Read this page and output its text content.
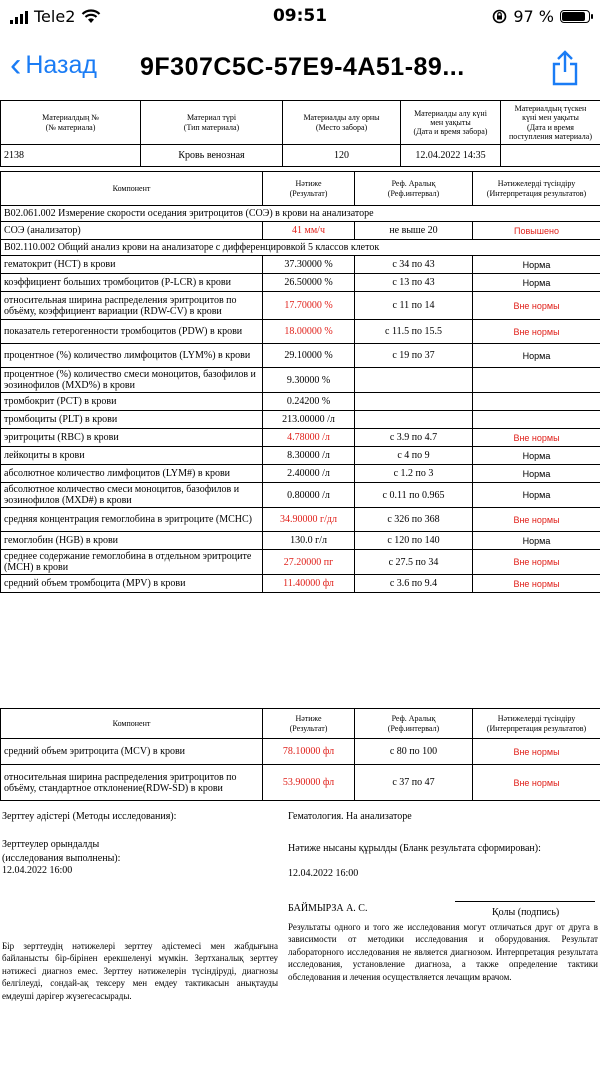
Tele2	09:51	97 %
‹ Назад 9F307C5C-57E9-4A51-89...
Материалдың №
(№ материала)	Материал түрі
(Тип материала)	Материалды алу орны
(Место забора)	Материалды алу күні
мен уақыты
(Дата и время забора)	Материалдың түскен
күні мен уақыты
(Дата и время
поступления материала)
2138	Кровь венозная	120	12.04.2022 14:35	
Компонент	Нәтиже
(Результат)	Реф. Аралық
(Реф.интервал)	Нәтижелерді түсіндіру
(Интерпретация результатов)
B02.061.002 Измерение скорости оседания эритроцитов (СОЭ) в крови на анализаторе			
СОЭ (анализатор)	41 мм/ч	не выше 20	Повышено
B02.110.002 Общий анализ крови на анализаторе с дифференцировкой 5 классов клеток			
гематокрит (HCT) в крови	37.30000 %	с 34 по 43	Норма
коэффициент больших тромбоцитов (P-LCR) в крови	26.50000 %	с 13 по 43	Норма
относительная ширина распределения эритроцитов по объёму, коэффициент вариации (RDW-CV) в крови	17.70000 %	с 11 по 14	Вне нормы
показатель гетерогенности тромбоцитов (PDW) в крови	18.00000 %	с 11.5 по 15.5	Вне нормы
процентное (%) количество лимфоцитов (LYM%) в крови	29.10000 %	с 19 по 37	Норма
процентное (%) количество смеси моноцитов, базофилов и эозинофилов (MXD%) в крови	9.30000 %		
тромбокрит (PCT) в крови	0.24200 %		
тромбоциты (PLT) в крови	213.00000 /л		
эритроциты (RBC) в крови	4.78000 /л	с 3.9 по 4.7	Вне нормы
лейкоциты в крови	8.30000 /л	с 4 по 9	Норма
абсолютное количество лимфоцитов (LYM#) в крови	2.40000 /л	с 1.2 по 3	Норма
абсолютное количество смеси моноцитов, базофилов и эозинофилов (MXD#) в крови	0.80000 /л	с 0.11 по 0.965	Норма
средняя концентрация гемоглобина в эритроците (MCHC)	34.90000 г/дл	с 326 по 368	Вне нормы
гемоглобин (HGB) в крови	130.0 г/л	с 120 по 140	Норма
среднее содержание гемоглобина в отдельном эритроците (MCH) в крови	27.20000 пг	с 27.5 по 34	Вне нормы
средний объем тромбоцита (MPV) в крови	11.40000 фл	с 3.6 по 9.4	Вне нормы
Компонент	Нәтиже
(Результат)	Реф. Аралық
(Реф.интервал)	Нәтижелерді түсіндіру
(Интерпретация результатов)
средний объем эритроцита (MCV) в крови	78.10000 фл	с 80 по 100	Вне нормы
относительная ширина распределения эритроцитов по объёму, стандартное отклонение(RDW-SD) в крови	53.90000 фл	с 37 по 47	Вне нормы
Зерттеу әдістері (Методы исследования):	Гематология. На анализаторе
Зерттеулер орындалды
(исследования выполнены):
Нәтиже нысаны құрылды (Бланк результата сформирован):
12.04.2022 16:00	12.04.2022 16:00
БАЙМЫРЗА А. С.	Қолы (подпись)
Бір зерттеудің нәтижелері зерттеу әдістемесі мен жабдығына байланысты бір-бірінен ерекшеленуі мүмкін. Зертханалық зерттеу нәтижесі диагноз емес. Зерттеу нәтижелерін түсіндіруді, диагнозы белгілеуді, сондай-ақ тексеру мен емдеу тактикасын анықтауды емдеуші дәрігер жүзегесасырады.
Результаты одного и того же исследования могут отличаться друг от друга в зависимости от методики исследования и оборудования. Результат лабораторного исследования не является диагнозом. Интерпретация результата исследования, установление диагноза, а также определение тактики обследования и лечения осуществляется лечащим врачом.
